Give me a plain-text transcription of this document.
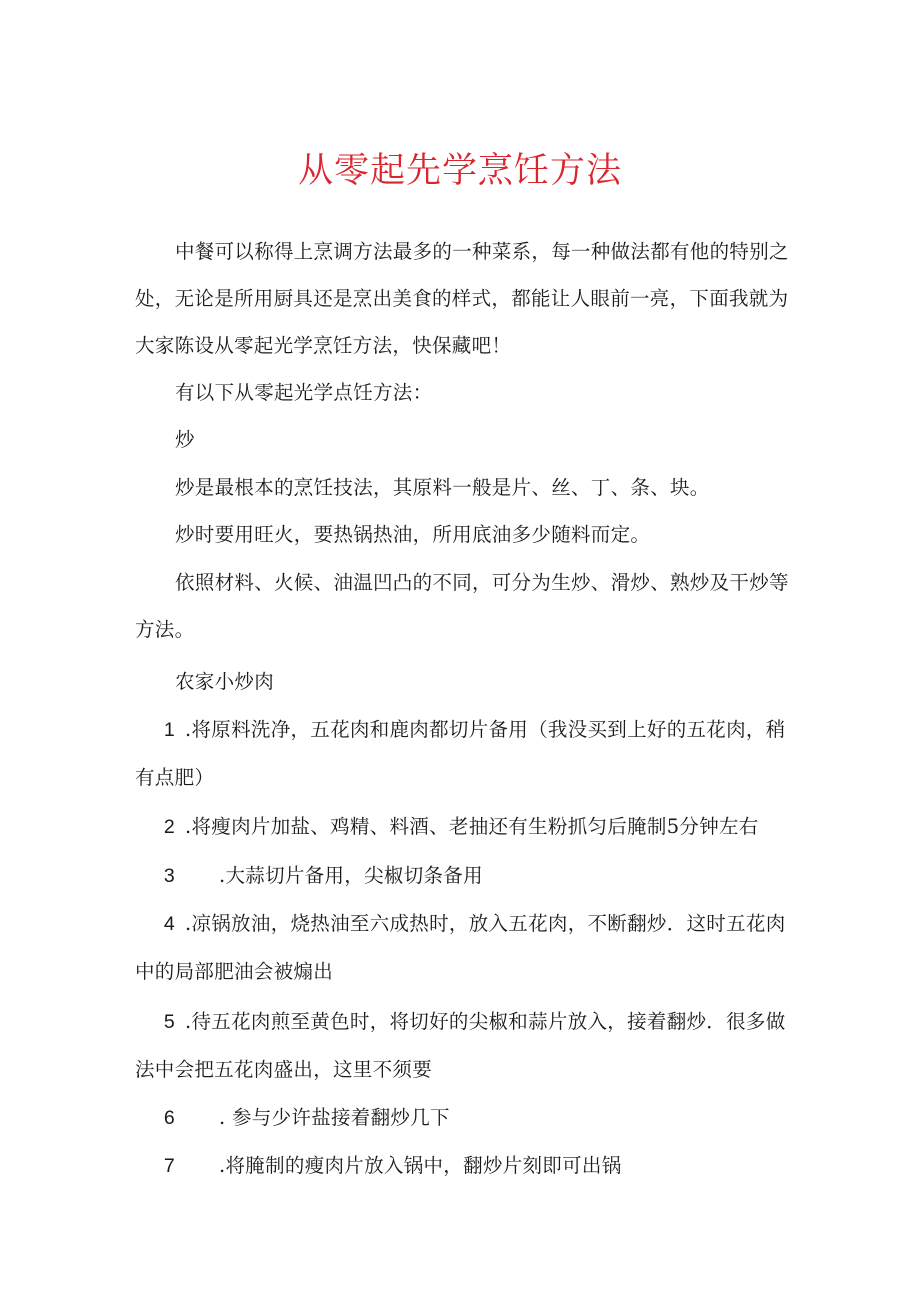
从零起先学烹饪方法

中餐可以称得上烹调方法最多的一种菜系，每一种做法都有他的特别之处，无论是所用厨具还是烹出美食的样式，都能让人眼前一亮，下面我就为大家陈设从零起光学烹饪方法，快保藏吧！

有以下从零起光学点饪方法：

炒

炒是最根本的烹饪技法，其原料一般是片、丝、丁、条、块。

炒时要用旺火，要热锅热油，所用底油多少随料而定。

依照材料、火候、油温凹凸的不同，可分为生炒、滑炒、熟炒及干炒等方法。

农家小炒肉

1 .将原料洗净，五花肉和鹿肉都切片备用（我没买到上好的五花肉，稍
有点肥）
2 .将瘦肉片加盐、鸡精、料酒、老抽还有生粉抓匀后腌制5分钟左右
3 .大蒜切片备用，尖椒切条备用
4 .凉锅放油，烧热油至六成热时，放入五花肉，不断翻炒．这时五花肉
中的局部肥油会被煽出
5 .待五花肉煎至黄色时，将切好的尖椒和蒜片放入，接着翻炒．很多做
法中会把五花肉盛出，这里不须要
6 . 参与少许盐接着翻炒几下
7 .将腌制的瘦肉片放入锅中，翻炒片刻即可出锅
